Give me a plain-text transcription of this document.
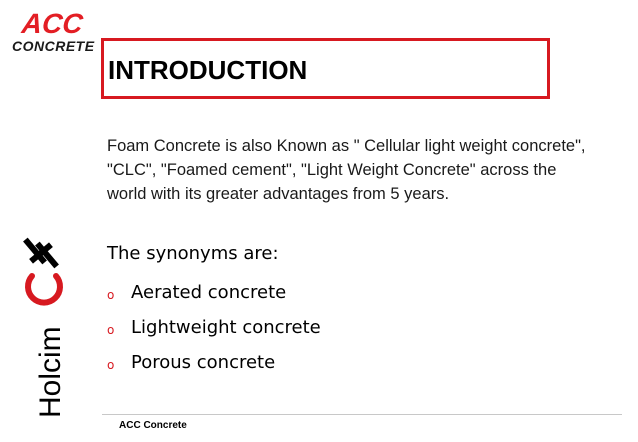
ACC
CONCRETE
INTRODUCTION
Holcim

Foam Concrete is also Known as " Cellular light weight concrete", "CLC", "Foamed cement", "Light Weight Concrete" across the world with its greater advantages from 5 years.

The synonyms are:
o Aerated concrete
o Lightweight concrete
o Porous concrete
ACC Concrete
